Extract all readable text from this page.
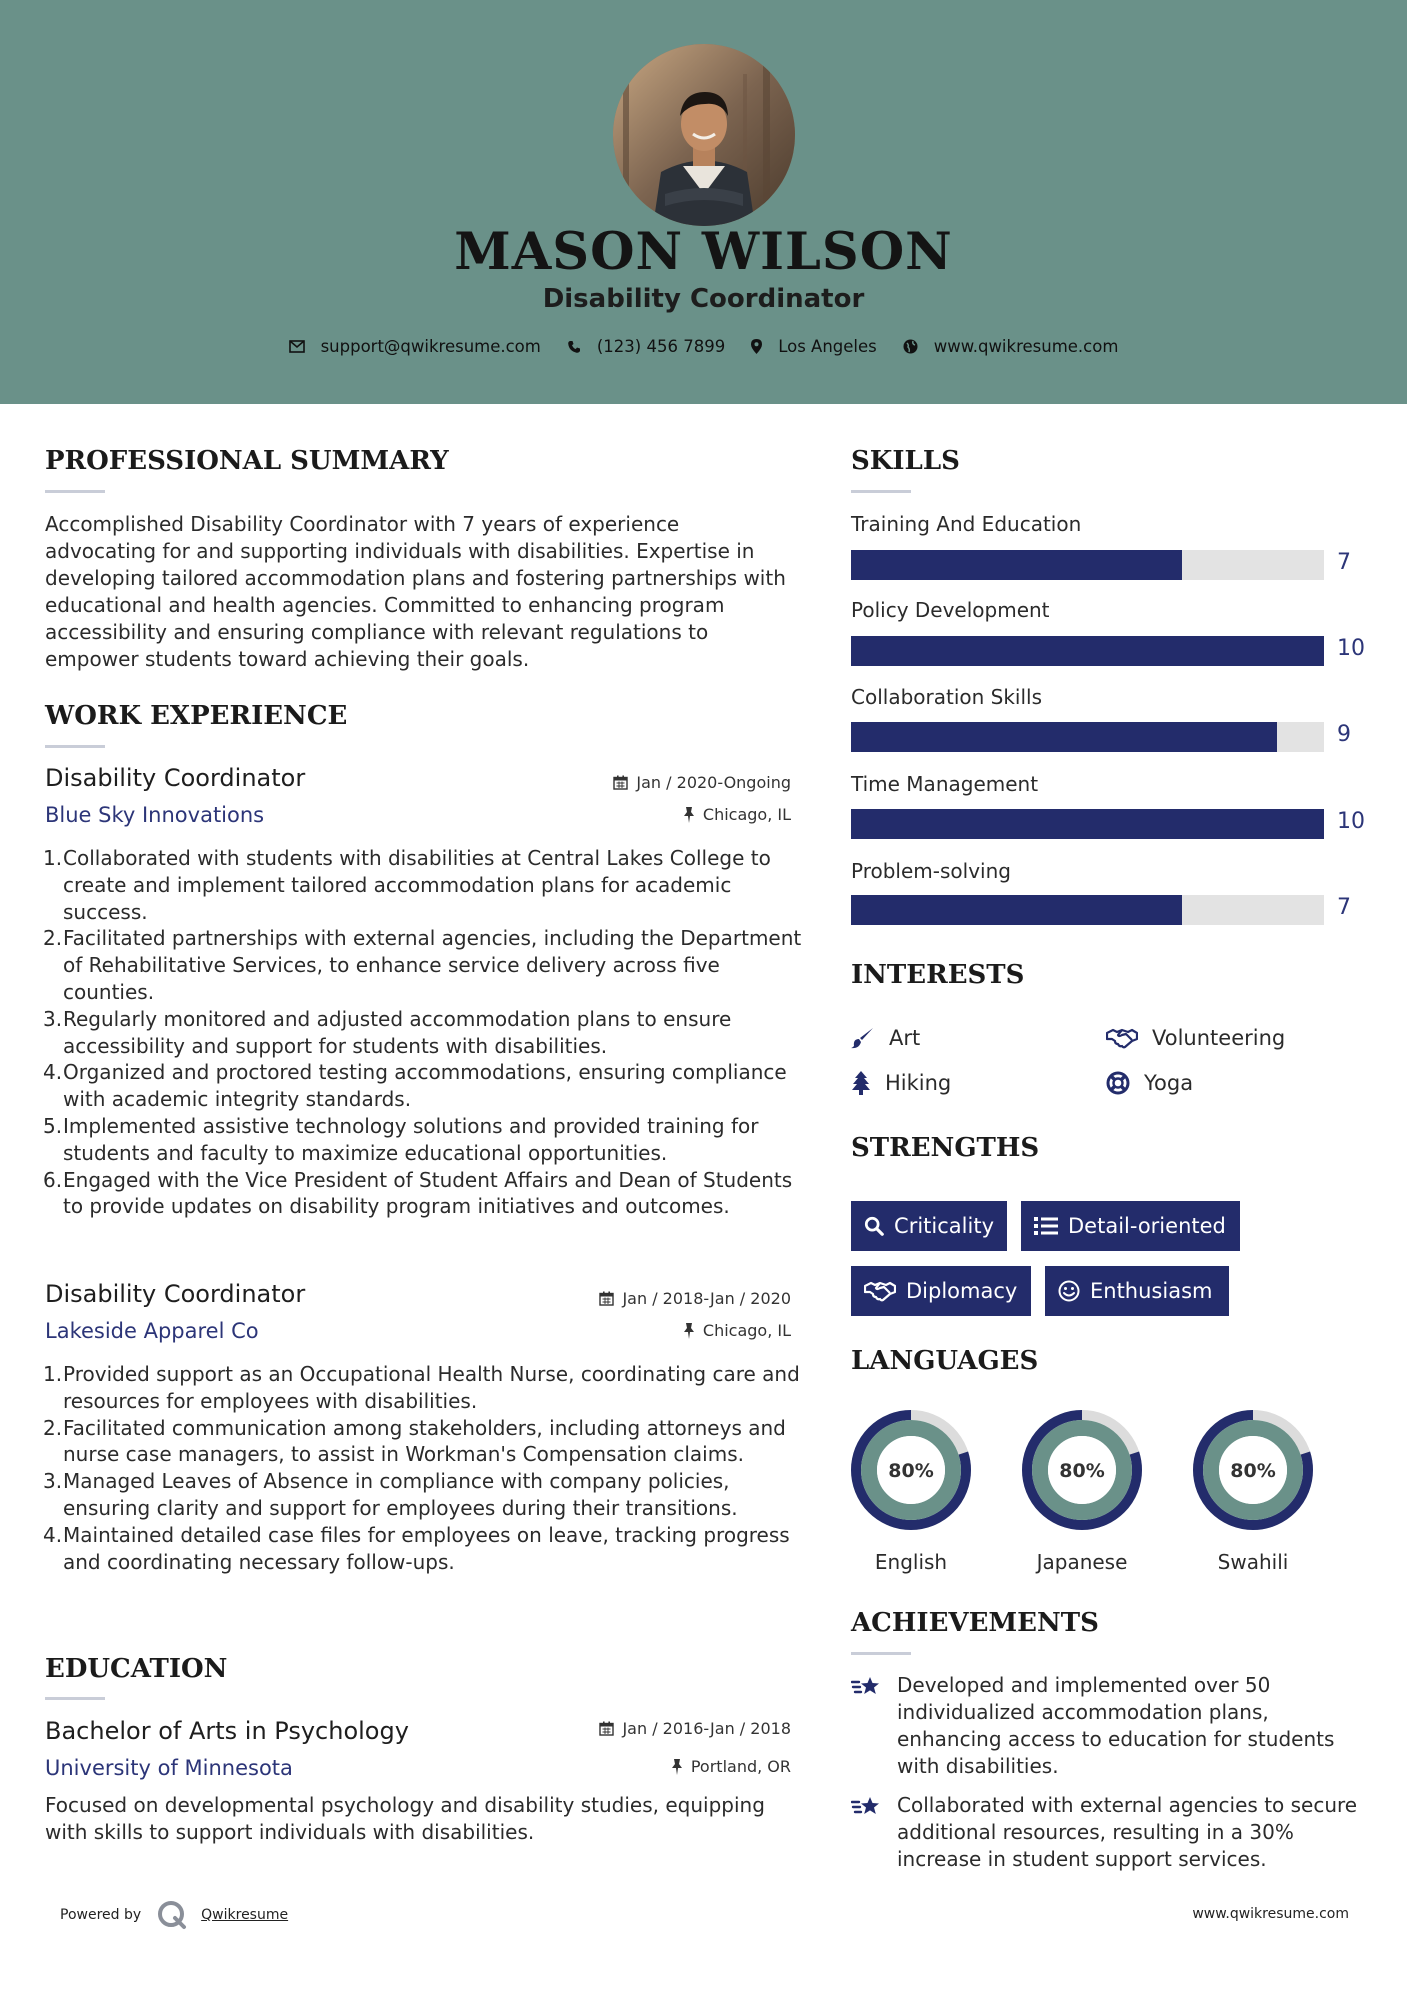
MASON WILSON
Disability Coordinator
support@qwikresume.com	(123) 456 7899	Los Angeles	www.qwikresume.com
PROFESSIONAL SUMMARY

Accomplished Disability Coordinator with 7 years of experience advocating for and supporting individuals with disabilities. Expertise in developing tailored accommodation plans and fostering partnerships with educational and health agencies. Committed to enhancing program accessibility and ensuring compliance with relevant regulations to empower students toward achieving their goals.

WORK EXPERIENCE
Disability Coordinator	Jan / 2020-Ongoing
Blue Sky Innovations	Chicago, IL
Collaborated with students with disabilities at Central Lakes College to create and implement tailored accommodation plans for academic success.
Facilitated partnerships with external agencies, including the Department of Rehabilitative Services, to enhance service delivery across five counties.
Regularly monitored and adjusted accommodation plans to ensure accessibility and support for students with disabilities.
Organized and proctored testing accommodations, ensuring compliance with academic integrity standards.
Implemented assistive technology solutions and provided training for students and faculty to maximize educational opportunities.
Engaged with the Vice President of Student Affairs and Dean of Students to provide updates on disability program initiatives and outcomes.
Disability Coordinator	Jan / 2018-Jan / 2020
Lakeside Apparel Co	Chicago, IL
Provided support as an Occupational Health Nurse, coordinating care and resources for employees with disabilities.
Facilitated communication among stakeholders, including attorneys and nurse case managers, to assist in Workman's Compensation claims.
Managed Leaves of Absence in compliance with company policies, ensuring clarity and support for employees during their transitions.
Maintained detailed case files for employees on leave, tracking progress and coordinating necessary follow-ups.
EDUCATION
Bachelor of Arts in Psychology	Jan / 2016-Jan / 2018
University of Minnesota	Portland, OR

Focused on developmental psychology and disability studies, equipping with skills to support individuals with disabilities.

SKILLS
Training And Education
7
Policy Development
10
Collaboration Skills
9
Time Management
10
Problem-solving
7
INTERESTS
Art	Volunteering
Hiking	Yoga
STRENGTHS
Criticality	Detail-oriented
Diplomacy	Enthusiasm
LANGUAGES
80%
English
80%
Japanese
80%
Swahili
ACHIEVEMENTS

Developed and implemented over 50 individualized accommodation plans, enhancing access to education for students with disabilities.

Collaborated with external agencies to secure additional resources, resulting in a 30% increase in student support services.

Powered by	Qwikresume	www.qwikresume.com
